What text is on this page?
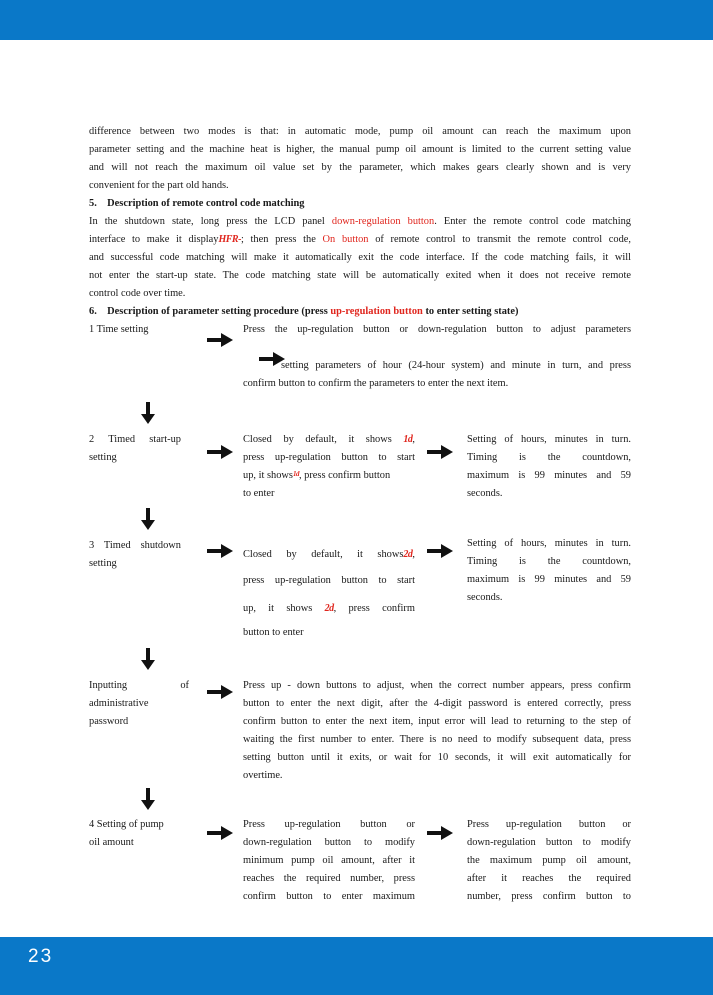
difference between two modes is that: in automatic mode, pump oil amount can reach the maximum upon
parameter setting and the machine heat is higher, the manual pump oil amount is limited to the current setting value
and will not reach the maximum oil value set by the parameter, which makes gears clearly shown and is very
convenient for the part old hands.
5.    Description of remote control code matching
In the shutdown state, long press the LCD panel down-regulation button. Enter the remote control code matching
interface to make it displayHFR-; then press the On button of remote control to transmit the remote control code,
and successful code matching will make it automatically exit the code interface. If the code matching fails, it will
not enter the start-up state. The code matching state will be automatically exited when it does not receive remote
control code over time.
6.    Description of parameter setting procedure (press up-regulation button to enter setting state)
1 Time setting	Press the up-regulation button or down-regulation button to adjust parameters
setting parameters of hour (24-hour system) and minute in turn, and press
confirm button to confirm the parameters to enter the next item.
2 Timed start-up
setting
Closed by default, it shows 1d,
press up-regulation button to start
up, it shows$^{1d}$, press confirm button
to enter
Setting of hours, minutes in turn.
Timing is the countdown,
maximum is 99 minutes and 59
seconds.
3 Timed shutdown
setting
Closed by default, it shows2d,
press up-regulation button to start
up, it shows 2d, press confirm
button to enter
Setting of hours, minutes in turn.
Timing is the countdown,
maximum is 99 minutes and 59
seconds.
Inputting of
administrative
password
Press up - down buttons to adjust, when the correct number appears, press confirm
button to enter the next digit, after the 4-digit password is entered correctly, press
confirm button to enter the next item, input error will lead to returning to the step of
waiting the first number to enter. There is no need to modify subsequent data, press
setting button until it exits, or wait for 10 seconds, it will exit automatically for
overtime.
4 Setting of pump
oil amount
Press up-regulation button or
down-regulation button to modify
minimum pump oil amount, after it
reaches the required number, press
confirm button to enter maximum
Press up-regulation button or
down-regulation button to modify
the maximum pump oil amount,
after it reaches the required
number, press confirm button to
23
